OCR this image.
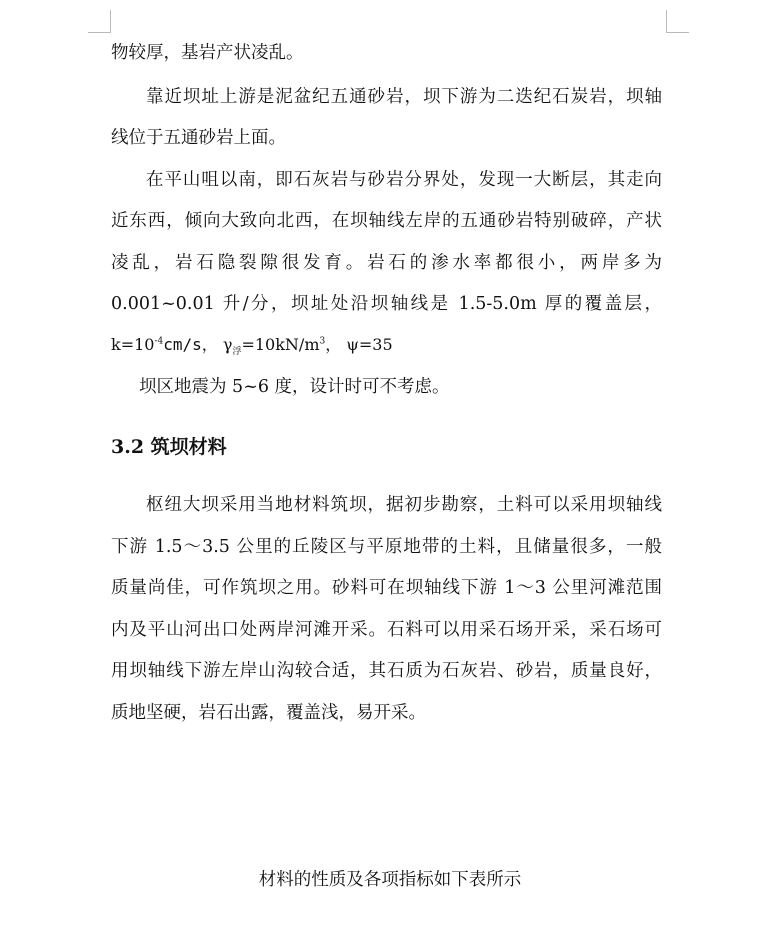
物较厚，基岩产状凌乱。
靠近坝址上游是泥盆纪五通砂岩，坝下游为二迭纪石炭岩，坝轴
线位于五通砂岩上面。
在平山咀以南，即石灰岩与砂岩分界处，发现一大断层，其走向
近东西，倾向大致向北西，在坝轴线左岸的五通砂岩特别破碎，产状
凌乱，岩石隐裂隙很发育。岩石的渗水率都很小，两岸多为
0.001~0.01 升/分，坝址处沿坝轴线是 1.5-5.0m 厚的覆盖层，
$k=10^{-4}cm/s$， $\gamma_浮=10kN/m^3$， ψ=35
坝区地震为 5~6 度，设计时可不考虑。
3.2 筑坝材料
枢纽大坝采用当地材料筑坝，据初步勘察，土料可以采用坝轴线
下游 1.5～3.5 公里的丘陵区与平原地带的土料，且储量很多，一般
质量尚佳，可作筑坝之用。砂料可在坝轴线下游 1～3 公里河滩范围
内及平山河出口处两岸河滩开采。石料可以用采石场开采，采石场可
用坝轴线下游左岸山沟较合适，其石质为石灰岩、砂岩，质量良好，
质地坚硬，岩石出露，覆盖浅，易开采。
材料的性质及各项指标如下表所示
